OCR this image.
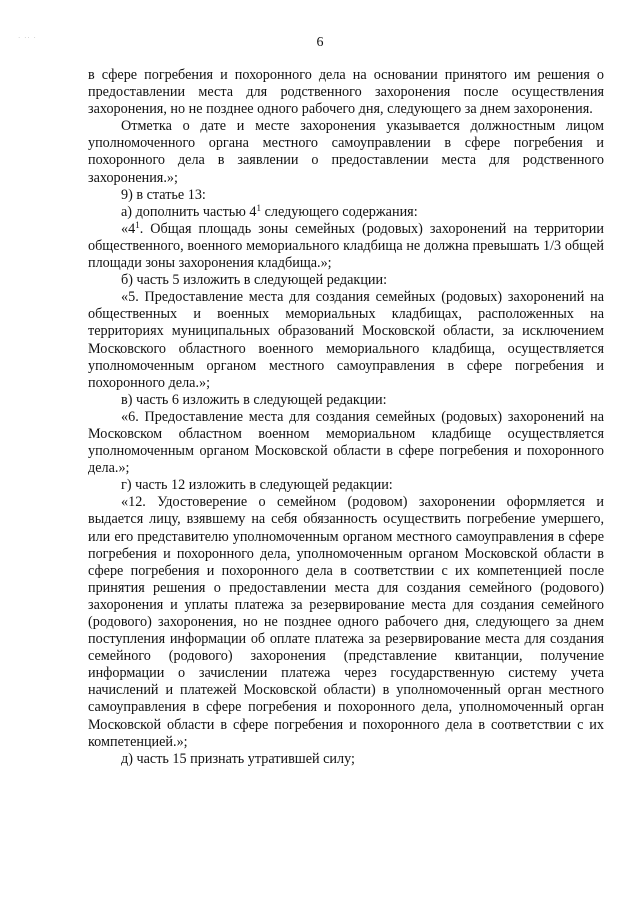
· ·· ·	6

в сфере погребения и похоронного дела на основании принятого им решения о предоставлении места для родственного захоронения после осуществления захоронения, но не позднее одного рабочего дня, следующего за днем захоронения.

Отметка о дате и месте захоронения указывается должностным лицом уполномоченного органа местного самоуправлении в сфере погребения и похоронного дела в заявлении о предоставлении места для родственного захоронения.»;

9) в статье 13:

а) дополнить частью $4^1$ следующего содержания:

«$4^1$. Общая площадь зоны семейных (родовых) захоронений на территории общественного, военного мемориального кладбища не должна превышать 1/3 общей площади зоны захоронения кладбища.»;

б) часть 5 изложить в следующей редакции:

«5. Предоставление места для создания семейных (родовых) захоронений на общественных и военных мемориальных кладбищах, расположенных на территориях муниципальных образований Московской области, за исключением Московского областного военного мемориального кладбища, осуществляется уполномоченным органом местного самоуправления в сфере погребения и похоронного дела.»;

в) часть 6 изложить в следующей редакции:

«6. Предоставление места для создания семейных (родовых) захоронений на Московском областном военном мемориальном кладбище осуществляется уполномоченным органом Московской области в сфере погребения и похоронного дела.»;

г) часть 12 изложить в следующей редакции:

«12. Удостоверение о семейном (родовом) захоронении оформляется и выдается лицу, взявшему на себя обязанность осуществить погребение умершего, или его представителю уполномоченным органом местного самоуправления в сфере погребения и похоронного дела, уполномоченным органом Московской области в сфере погребения и похоронного дела в соответствии с их компетенцией после принятия решения о предоставлении места для создания семейного (родового) захоронения и уплаты платежа за резервирование места для создания семейного (родового) захоронения, но не позднее одного рабочего дня, следующего за днем поступления информации об оплате платежа за резервирование места для создания семейного (родового) захоронения (представление квитанции, получение информации о зачислении платежа через государственную систему учета начислений и платежей Московской области) в уполномоченный орган местного самоуправления в сфере погребения и похоронного дела, уполномоченный орган Московской области в сфере погребения и похоронного дела в соответствии с их компетенцией.»;

д) часть 15 признать утратившей силу;
